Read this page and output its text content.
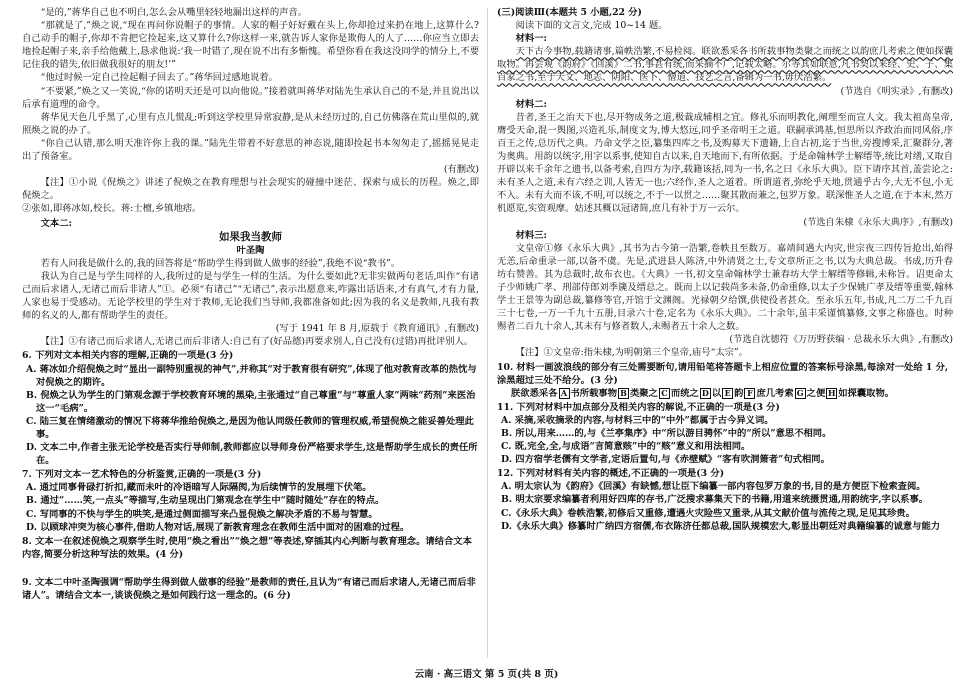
“是的,”蒋华自己也不明白,怎么会从嘴里轻轻地漏出这样的声音。

“那就是了,”焕之说,“现在再问你说帽子的事情。人家的帽子好好戴在头上,你却抢过来扔在地上,这算什么?自己动手的帽子,你却不肯把它捡起来,这又算什么?你这样一来,就告诉人家你是欺侮人的人了……你应当立即去地捡起帽子来,亲手给他戴上,恳求他说:‘我一时错了,现在说不出有多惭愧。希望你看在我这没同学的情分上,不要记住我的错失,依旧做我很好的朋友!’”

“他过时候一定自己捡起帽子回去了。”蒋华回过感地说着。

“不要紧,”焕之又一笑说,“你的诺明天还是可以向他说。”接着就叫蒋华对陆先生承认自己的不是,并且说出以后承有道理的命令。

蒋华见天色几乎黑了,心里有点儿慌乱;听到这学校里异常寂静,是从未经历过的,自己仿佛落在荒山里似的,就照焕之说的办了。

“你自己认错,那么明天准许你上我的课。”陆先生带着不好意思的神态说,随即捡起书本匆匆走了,摇摇晃晃走出了预备室。

(有删改)

【注】①小说《倪焕之》讲述了倪焕之在教育理想与社会现实的碰撞中迷茫、探索与成长的历程。焕之,即倪焕之。

②张如,即蒋冰如,校长。蒋:士檀,乡镇地痞。

文本二:

如果我当教师
叶圣陶

若有人问我是做什么的,我的回答将是“帮助学生得到做人做事的经验”,我绝不说“教书”。

我认为自己是与学生同样的人,我所过的是与学生一样的生活。为什么要如此?无非实做两句老话,叫作“有诸己而后求诸人,无诸己而后非诸人”①。必须“有诸己”“无诸己”,表示出愿意来,咋露出话语来,才有真气,才有力量,人家也易于受感动。无论学校里的学生对于教师,无论我们当导师,我都准备如此;因为我的名义是教师,凡我有教师的名义的人,都有帮助学生的责任。

(写于 1941 年 8 月,原载于《教育通讯》,有删改)

【注】①有诸己而后求诸人,无诸己而后非诸人:自己有了(好品德)再要求别人,自己没有(过错)再批评别人。

6. 下列对文本相关内容的理解,正确的一项是(3 分)
A. 蒋冰如介绍倪焕之时“显出一副特别重视的神气”,并称其“对于教育很有研究”,体现了他对教育改革的热忱与对倪焕之的期许。
B. 倪焕之认为学生的门第观念源于学校教育环境的黑染,主张通过“自己尊重”与“尊重人家”两味“药剂”来医治这一“毛病”。
C. 陆三复在情绪激动的情况下将蒋华推给倪焕之,是因为他认同级任教师的管理权威,希望倪焕之能妥善处理此事。
D. 文本二中,作者主张无论学校是否实行导师制,教师都应以导师身份严格要求学生,这是帮助学生成长的责任所在。
7. 下列对文本一艺术特色的分析鉴赏,正确的一项是(3 分)
A. 通过同事骨碌打折扣,藏而未叶的冷语暗写人际隔阂,为后续情节的发展埋下伏笔。
B. 通过“……笑,一点头”等描写,生动呈现出门第观念在学生中“随时随处”存在的特点。
C. 写同事的不快与学生的哄笑,是通过侧面描写来凸显倪焕之解决矛盾的不易与智慧。
D. 以顾球冲突为核心事件,借助人物对话,展现了新教育理念在教师生活中面对的困难的过程。
8. 文本一在叙述倪焕之观察学生时,使用“焕之看出”“焕之想”等表述,穿插其内心判断与教育理念。请结合文本内容,简要分析这种写法的效果。(4 分)
9. 文本二中叶圣陶强调“帮助学生得到做人做事的经验”是教师的责任,且认为“有诸己而后求诸人,无诸己而后非诸人”。请结合文本一,谈谈倪焕之是如何践行这一理念的。(6 分)
(三)阅读Ⅲ(本题共 5 小题,22 分)

阅读下面的文言文,完成 10~14 题。

材料一:

天下古今事物,载籍诸事,篇帙浩繁,不易检阅。联欲悉采各书所载事物类聚之而统之以韵庶几考索之便如探囊取物。再尝观《韵府》《回溪》二书,事甚有统,而采摘不广,记载太略。尔等其如联意,凡书契以来经、史、子、集百家之书,至于天文、地志、阴阳、医卜、僧道、技艺之言,备辑为一书,毋厌浩繁。

(节选自《明实录》,有删改)

材料二:

昔者,圣王之治天下也,尽开物成务之道,极裁成辅相之宜。修礼乐而明教化,阐理至而宣人文。我太祖高皇帝,膺受天命,混一舆图,兴造礼乐,制度文为,博大悠远,同乎圣帝明王之道。联嗣承鸿基,恒思所以齐政治而同风俗,序百王之传,总历代之典。乃命文学之臣,纂集四库之书,及购募天下遗籍,上自古初,迄于当世,旁搜博采,汇聚群分,著为奥典。用韵以统字,用字以系事,使知自古以来,自天地而下,有所依据。于是命翰林学士解缙等,统比对缮,又取自开辟以来千余年之遗书,以备考索,自四方为序,载籍该括,同为一书,名之曰《永乐大典》。臣下请序其首,盖尝论之:未有圣人之道,未有六经之训,人皆无一也;六经作,圣人之道着。所谓道者,弥纶乎天地,贯通乎古今,大无不包,小无不入。未有大而不该,不明,可以统之,不于一以贯之……聚其散而兼之,包罗万象。联深惟圣人之道,在于本末,然万机愿览,实资观摩。姑述其概以冠诸简,庶几有补于万一云尔。

(节选自朱棣《永乐大典序》,有删改)

材料三:

文皇帝①修《永乐大典》,其书为古今第一浩繁,卷帙且至数万。嘉靖间遇大内灾,世宗夜三四传旨抢出,始得无恙,后命重录一部,以备不虞。先是,武进县人陈济,中外清贤之士,专文章所正之书,以为大典总裁。书成,历升春坊右赞善。其为总裁时,故布衣也。《大典》一书,初文皇命翰林学士兼春坊大学士解缙等修辑,未称旨。诏更命太子少师姚广孝、刑部侍郎刘季篪及缙总之。既而上以记载尚多未备,仍命重修,以太子少保姚广孝及缙等重要,翰林学士王景等为副总裁,纂修等官,开馆于文渊阁。光禄朝夕给馔,供使役者甚众。至永乐五年,书成,凡二万二千九百三十七卷,一万一千九十五册,目录六十卷,定名为《永乐大典》。二十余年,虽丰采谨慎纂修,文事之称盛也。时种赐者二百九十余人,其未有与修者数人,未赐者五十余人之数。

(节选自沈德符《万历野获编 · 总裁永乐大典》,有删改)

【注】①文皇帝:指朱棣,为明朝第三个皇帝,庙号“太宗”。

10. 材料一画波浪线的部分有三处需要断句,请用铅笔将答题卡上相应位置的答案标号涂黑,每涂对一处给 1 分,涂黑超过三处不给分。(3 分)
朕欲悉采各 A 书所载事物 B 类聚之 C 而统之 D 以 E 韵 F 庶几考索 G 之便 H 如探囊取物。
11. 下列对材料中加点部分及相关内容的解说,不正确的一项是(3 分)
A. 采摘,采收摘录的内容,与材料三中的“中外”都属于古今异义词。
B. 所以,用来……的,与《兰亭集序》中“所以游目骋怀”中的“所以”意思不相同。
C. 既,完全,全,与成语“言简意赅”中的“赅”意义和用法相同。
D. 四方宿学老儒有文学者,定语后置句,与《赤壁赋》“客有吹洞箫者”句式相同。
12. 下列对材料有关内容的概述,不正确的一项是(3 分)
A. 明太宗认为《韵府》《回溪》有缺憾,想让臣下编纂一部内容包罗万象的书,目的是方便臣下检索查阅。
B. 明太宗要求编纂者利用好四库的存书,广泛搜求募集天下的书籍,用道来统摄贯通,用韵统字,字以系事。
C.《永乐大典》卷帙浩繁,初修后又重修,遭遇火灾险些又重录,从其文献价值与流传之现,足见其珍贵。
D.《永乐大典》修纂时广纳四方宿儒,布衣陈济任都总裁,国队规模宏大,彰显出朝廷对典籍编纂的诚意与能力
云南 · 高三语文 第 5 页(共 8 页)
